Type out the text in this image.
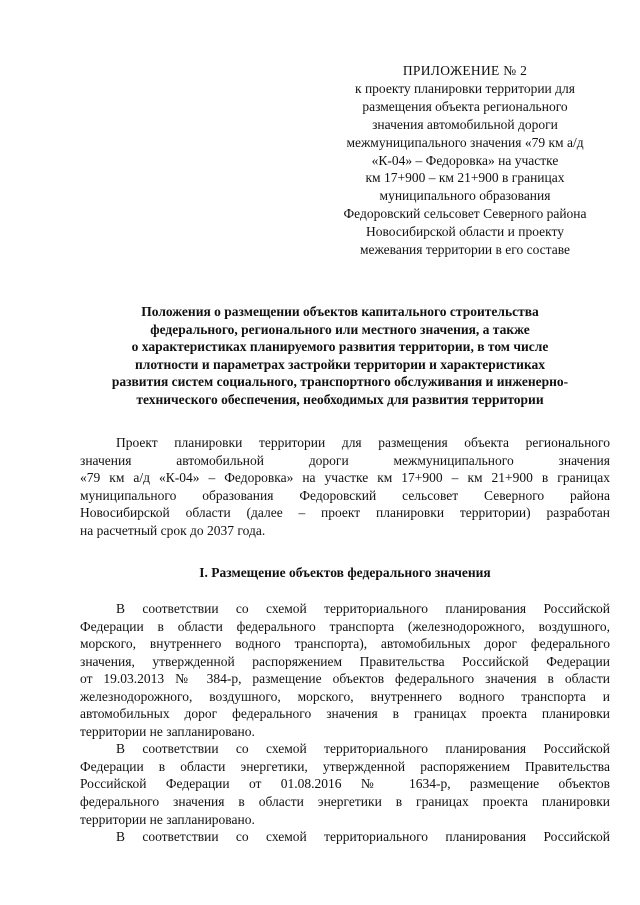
ПРИЛОЖЕНИЕ № 2
к проекту планировки территории для
размещения объекта регионального
значения автомобильной дороги
межмуниципального значения «79 км а/д
«К-04» – Федоровка» на участке
км 17+900 – км 21+900 в границах
муниципального образования
Федоровский сельсовет Северного района
Новосибирской области и проекту
межевания территории в его составе
Положения о размещении объектов капитального строительства
федерального, регионального или местного значения, а также
о характеристиках планируемого развития территории, в том числе
плотности и параметрах застройки территории и характеристиках
развития систем социального, транспортного обслуживания и инженерно-
технического обеспечения, необходимых для развития территории
Проект планировки территории для размещения объекта регионального
значения автомобильной дороги межмуниципального значения
«79 км а/д «К-04» – Федоровка» на участке км 17+900 – км 21+900 в границах
муниципального образования Федоровский сельсовет Северного района
Новосибирской области (далее – проект планировки территории) разработан
на расчетный срок до 2037 года.
I. Размещение объектов федерального значения
В соответствии со схемой территориального планирования Российской
Федерации в области федерального транспорта (железнодорожного, воздушного,
морского, внутреннего водного транспорта), автомобильных дорог федерального
значения, утвержденной распоряжением Правительства Российской Федерации
от 19.03.2013 № 384-р, размещение объектов федерального значения в области
железнодорожного, воздушного, морского, внутреннего водного транспорта и
автомобильных дорог федерального значения в границах проекта планировки
территории не запланировано.
В соответствии со схемой территориального планирования Российской
Федерации в области энергетики, утвержденной распоряжением Правительства
Российской Федерации от 01.08.2016 № 1634-р, размещение объектов
федерального значения в области энергетики в границах проекта планировки
территории не запланировано.
В соответствии со схемой территориального планирования Российской
